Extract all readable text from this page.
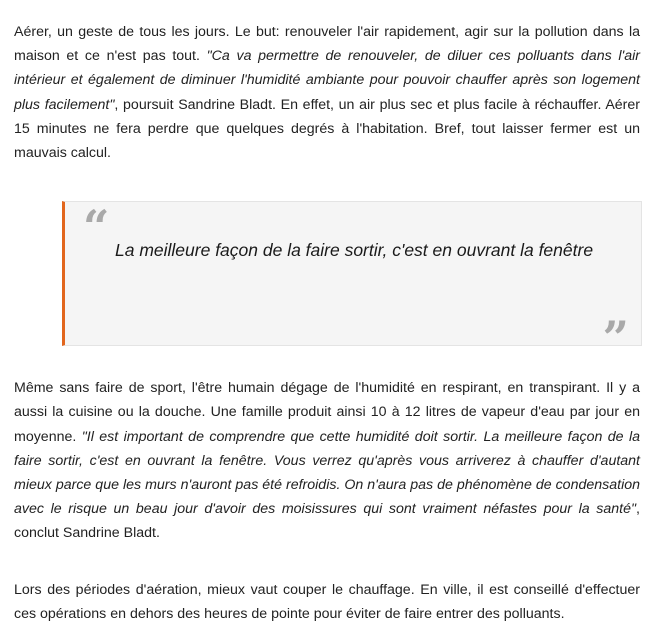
Aérer, un geste de tous les jours. Le but: renouveler l'air rapidement, agir sur la pollution dans la maison et ce n'est pas tout. "Ca va permettre de renouveler, de diluer ces polluants dans l'air intérieur et également de diminuer l'humidité ambiante pour pouvoir chauffer après son logement plus facilement", poursuit Sandrine Bladt. En effet, un air plus sec et plus facile à réchauffer. Aérer 15 minutes ne fera perdre que quelques degrés à l'habitation. Bref, tout laisser fermer est un mauvais calcul.

“ La meilleure façon de la faire sortir, c'est en ouvrant la fenêtre
”

Même sans faire de sport, l'être humain dégage de l'humidité en respirant, en transpirant. Il y a aussi la cuisine ou la douche. Une famille produit ainsi 10 à 12 litres de vapeur d'eau par jour en moyenne. "Il est important de comprendre que cette humidité doit sortir. La meilleure façon de la faire sortir, c'est en ouvrant la fenêtre. Vous verrez qu'après vous arriverez à chauffer d'autant mieux parce que les murs n'auront pas été refroidis. On n'aura pas de phénomène de condensation avec le risque un beau jour d'avoir des moisissures qui sont vraiment néfastes pour la santé", conclut Sandrine Bladt.

Lors des périodes d'aération, mieux vaut couper le chauffage. En ville, il est conseillé d'effectuer ces opérations en dehors des heures de pointe pour éviter de faire entrer des polluants.
